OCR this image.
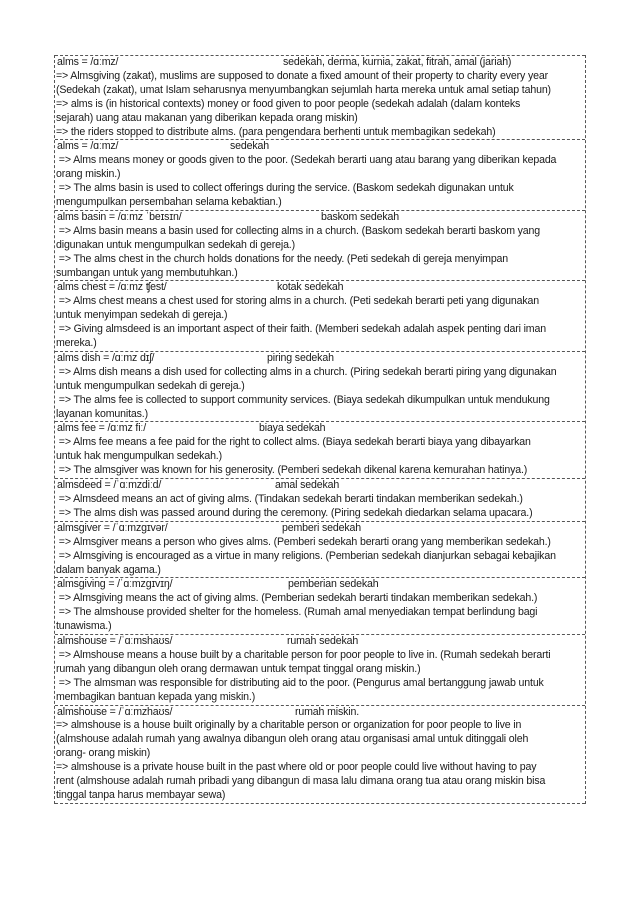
alms = /ɑːmz/	sedekah, derma, kurnia, zakat, fitrah, amal (jariah)
=> Almsgiving (zakat), muslims are supposed to donate a fixed amount of their property to charity every year
(Sedekah (zakat), umat Islam seharusnya menyumbangkan sejumlah harta mereka untuk amal setiap tahun)
=> alms is (in historical contexts) money or food given to poor people (sedekah adalah (dalam konteks
sejarah) uang atau makanan yang diberikan kepada orang miskin)
=> the riders stopped to distribute alms. (para pengendara berhenti untuk membagikan sedekah)
alms = /ɑːmz/	sedekah
=> Alms means money or goods given to the poor. (Sedekah berarti uang atau barang yang diberikan kepada
orang miskin.)
=> The alms basin is used to collect offerings during the service. (Baskom sedekah digunakan untuk
mengumpulkan persembahan selama kebaktian.)
alms basin = /ɑːmz ˈbeɪsɪn/	baskom sedekah
=> Alms basin means a basin used for collecting alms in a church. (Baskom sedekah berarti baskom yang
digunakan untuk mengumpulkan sedekah di gereja.)
=> The alms chest in the church holds donations for the needy. (Peti sedekah di gereja menyimpan
sumbangan untuk yang membutuhkan.)
alms chest = /ɑːmz ʧest/	kotak sedekah
=> Alms chest means a chest used for storing alms in a church. (Peti sedekah berarti peti yang digunakan
untuk menyimpan sedekah di gereja.)
=> Giving almsdeed is an important aspect of their faith. (Memberi sedekah adalah aspek penting dari iman
mereka.)
alms dish = /ɑːmz dɪʃ/	piring sedekah
=> Alms dish means a dish used for collecting alms in a church. (Piring sedekah berarti piring yang digunakan
untuk mengumpulkan sedekah di gereja.)
=> The alms fee is collected to support community services. (Biaya sedekah dikumpulkan untuk mendukung
layanan komunitas.)
alms fee = /ɑːmz fiː/	biaya sedekah
=> Alms fee means a fee paid for the right to collect alms. (Biaya sedekah berarti biaya yang dibayarkan
untuk hak mengumpulkan sedekah.)
=> The almsgiver was known for his generosity. (Pemberi sedekah dikenal karena kemurahan hatinya.)
almsdeed = /ˈɑːmzdiːd/	amal sedekah
=> Almsdeed means an act of giving alms. (Tindakan sedekah berarti tindakan memberikan sedekah.)
=> The alms dish was passed around during the ceremony. (Piring sedekah diedarkan selama upacara.)
almsgiver = /ˈɑːmzgɪvər/	pemberi sedekah
=> Almsgiver means a person who gives alms. (Pemberi sedekah berarti orang yang memberikan sedekah.)
=> Almsgiving is encouraged as a virtue in many religions. (Pemberian sedekah dianjurkan sebagai kebajikan
dalam banyak agama.)
almsgiving = /ˈɑːmzgɪvɪŋ/	pemberian sedekah
=> Almsgiving means the act of giving alms. (Pemberian sedekah berarti tindakan memberikan sedekah.)
=> The almshouse provided shelter for the homeless. (Rumah amal menyediakan tempat berlindung bagi
tunawisma.)
almshouse = /ˈɑːmshaʊs/	rumah sedekah
=> Almshouse means a house built by a charitable person for poor people to live in. (Rumah sedekah berarti
rumah yang dibangun oleh orang dermawan untuk tempat tinggal orang miskin.)
=> The almsman was responsible for distributing aid to the poor. (Pengurus amal bertanggung jawab untuk
membagikan bantuan kepada yang miskin.)
almshouse = /ˈɑːmzhaʊs/	rumah miskin.
=> almshouse is a house built originally by a charitable person or organization for poor people to live in
(almshouse adalah rumah yang awalnya dibangun oleh orang atau organisasi amal untuk ditinggali oleh
orang- orang miskin)
=> almshouse is a private house built in the past where old or poor people could live without having to pay
rent (almshouse adalah rumah pribadi yang dibangun di masa lalu dimana orang tua atau orang miskin bisa
tinggal tanpa harus membayar sewa)
